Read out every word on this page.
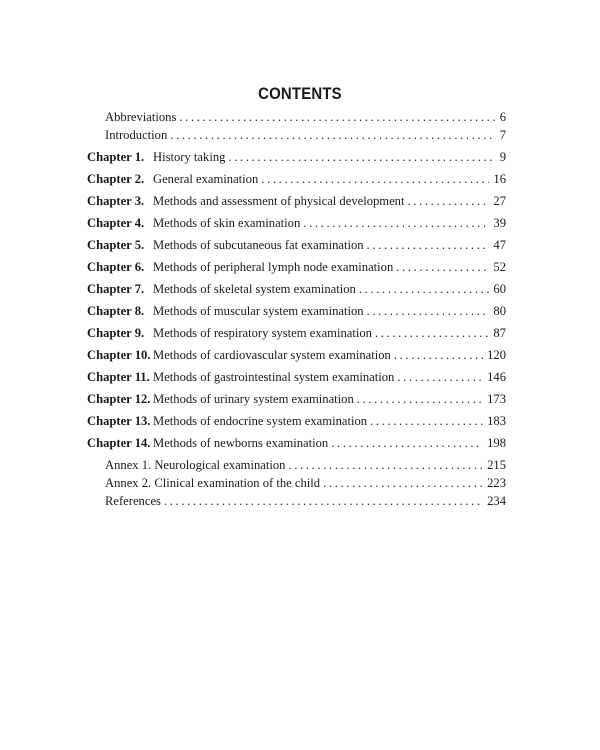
CONTENTS
Abbreviations . . .	6
Introduction . . .	7
Chapter 1. History taking . . .	9
Chapter 2. General examination . . .	16
Chapter 3. Methods and assessment of physical development . . .	27
Chapter 4. Methods of skin examination . . .	39
Chapter 5. Methods of subcutaneous fat examination . . .	47
Chapter 6. Methods of peripheral lymph node examination . . .	52
Chapter 7. Methods of skeletal system examination . . .	60
Chapter 8. Methods of muscular system examination . . .	80
Chapter 9. Methods of respiratory system examination . . .	87
Chapter 10. Methods of cardiovascular system examination . . .	120
Chapter 11. Methods of gastrointestinal system examination . . .	146
Chapter 12. Methods of urinary system examination . . .	173
Chapter 13. Methods of endocrine system examination . . .	183
Chapter 14. Methods of newborns examination . . .	198
Annex 1. Neurological examination . . .	215
Annex 2. Clinical examination of the child . . .	223
References . . .	234
